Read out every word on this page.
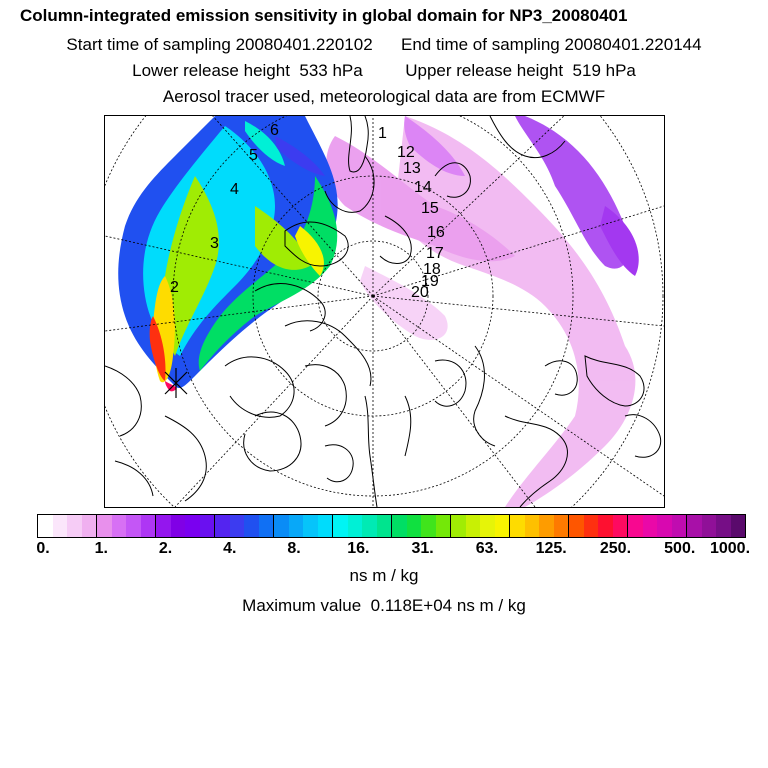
Column-integrated emission sensitivity in global domain for NP3_20080401
Start time of sampling 20080401.220102 End time of sampling 20080401.220144
Lower release height 533 hPa	Upper release height 519 hPa
Aerosol tracer used, meteorological data are from ECMWF
2
3
4
5
6	1
12
13
14
15
16
17
18
19
20
0.	1.	2.	4.	8.	16.	31.	63. 125. 250. 500. 1000.
ns m / kg
Maximum value 0.118E+04 ns m / kg
